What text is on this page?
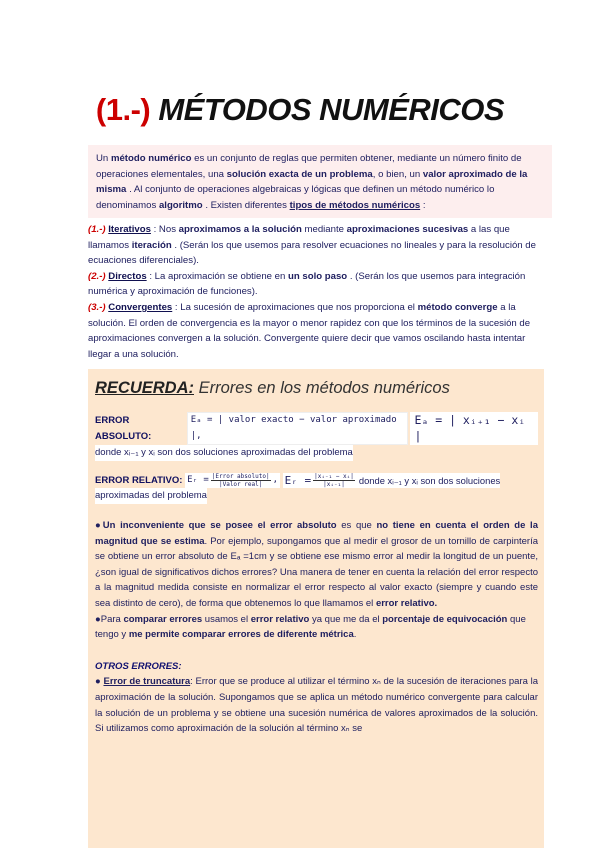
(1.-) MÉTODOS NUMÉRICOS
Un método numérico es un conjunto de reglas que permiten obtener, mediante un número finito de operaciones elementales, una solución exacta de un problema, o bien, un valor aproximado de la misma . Al conjunto de operaciones algebraicas y lógicas que definen un método numérico lo denominamos algoritmo . Existen diferentes tipos de métodos numéricos :
(1.-) Iterativos : Nos aproximamos a la solución mediante aproximaciones sucesivas a las que llamamos iteración . (Serán los que usemos para resolver ecuaciones no lineales y para la resolución de ecuaciones diferenciales).
(2.-) Directos : La aproximación se obtiene en un solo paso . (Serán los que usemos para integración numérica y aproximación de funciones).
(3.-) Convergentes : La sucesión de aproximaciones que nos proporciona el método converge a la solución. El orden de convergencia es la mayor o menor rapidez con que los términos de la sucesión de aproximaciones convergen a la solución. Convergente quiere decir que vamos oscilando hasta intentar llegar a una solución.
RECUERDA: Errores en los métodos numéricos
ERROR ABSOLUTO:

Eₐ = | valor exacto − valor aproximado |,

Eₐ = | xᵢ₊₁ − xᵢ |
donde xᵢ₋₁ y xᵢ son dos soluciones aproximadas del problema
ERROR RELATIVO:
Eᵣ = $\frac{\text{|Error absoluto|}}{\text{|Valor real|}}$ ,
Eᵣ = $\frac{\text{|xᵢ₋₁ − xᵢ|}}{\text{|xᵢ₋₁|}}$ donde xᵢ₋₁ y xᵢ son dos soluciones
aproximadas del problema
●Un inconveniente que se posee el error absoluto es que no tiene en cuenta el orden de la magnitud que se estima. Por ejemplo, supongamos que al medir el grosor de un tornillo de carpintería se obtiene un error absoluto de Eₐ =1cm y se obtiene ese mismo error al medir la longitud de un puente, ¿son igual de significativos dichos errores? Una manera de tener en cuenta la relación del error respecto a la magnitud medida consiste en normalizar el error respecto al valor exacto (siempre y cuando este sea distinto de cero), de forma que obtenemos lo que llamamos el error relativo.
●Para comparar errores usamos el error relativo ya que me da el porcentaje de equivocación que tengo y me permite comparar errores de diferente métrica.
OTROS ERRORES:
● Error de truncatura: Error que se produce al utilizar el término xₙ de la sucesión de iteraciones para la aproximación de la solución. Supongamos que se aplica un método numérico convergente para calcular la solución de un problema y se obtiene una sucesión numérica de valores aproximados de la solución. Si utilizamos como aproximación de la solución al término xₙ se
